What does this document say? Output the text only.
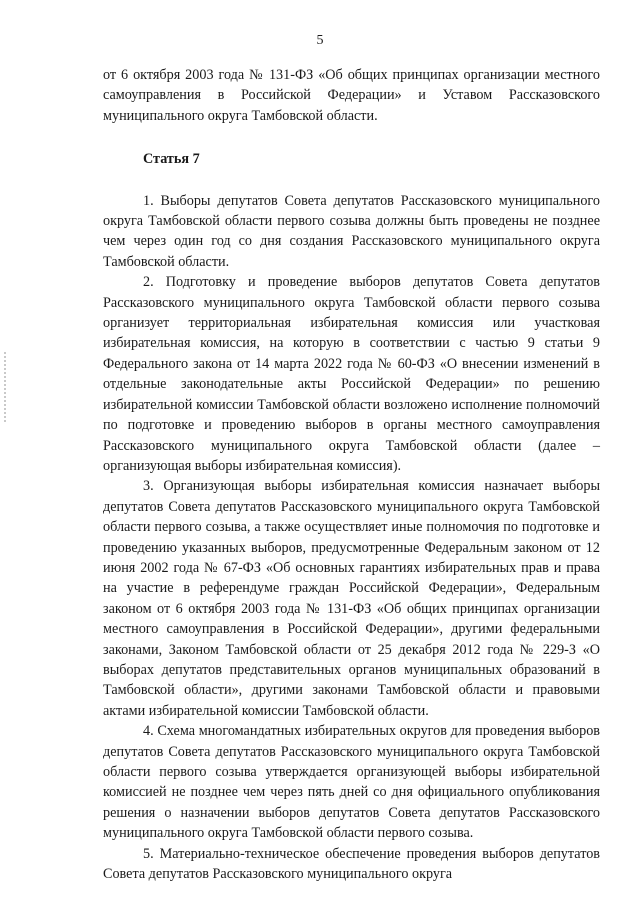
5

от 6 октября 2003 года № 131-ФЗ «Об общих принципах организации местного самоуправления в Российской Федерации» и Уставом Рассказовского муниципального округа Тамбовской области.

Статья 7

1. Выборы депутатов Совета депутатов Рассказовского муниципального округа Тамбовской области первого созыва должны быть проведены не позднее чем через один год со дня создания Рассказовского муниципального округа Тамбовской области.

2. Подготовку и проведение выборов депутатов Совета депутатов Рассказовского муниципального округа Тамбовской области первого созыва организует территориальная избирательная комиссия или участковая избирательная комиссия, на которую в соответствии с частью 9 статьи 9 Федерального закона от 14 марта 2022 года № 60-ФЗ «О внесении изменений в отдельные законодательные акты Российской Федерации» по решению избирательной комиссии Тамбовской области возложено исполнение полномочий по подготовке и проведению выборов в органы местного самоуправления Рассказовского муниципального округа Тамбовской области (далее – организующая выборы избирательная комиссия).

3. Организующая выборы избирательная комиссия назначает выборы депутатов Совета депутатов Рассказовского муниципального округа Тамбовской области первого созыва, а также осуществляет иные полномочия по подготовке и проведению указанных выборов, предусмотренные Федеральным законом от 12 июня 2002 года № 67-ФЗ «Об основных гарантиях избирательных прав и права на участие в референдуме граждан Российской Федерации», Федеральным законом от 6 октября 2003 года № 131-ФЗ «Об общих принципах организации местного самоуправления в Российской Федерации», другими федеральными законами, Законом Тамбовской области от 25 декабря 2012 года № 229-З «О выборах депутатов представительных органов муниципальных образований в Тамбовской области», другими законами Тамбовской области и правовыми актами избирательной комиссии Тамбовской области.

4. Схема многомандатных избирательных округов для проведения выборов депутатов Совета депутатов Рассказовского муниципального округа Тамбовской области первого созыва утверждается организующей выборы избирательной комиссией не позднее чем через пять дней со дня официального опубликования решения о назначении выборов депутатов Совета депутатов Рассказовского муниципального округа Тамбовской области первого созыва.

5. Материально-техническое обеспечение проведения выборов депутатов Совета депутатов Рассказовского муниципального округа
